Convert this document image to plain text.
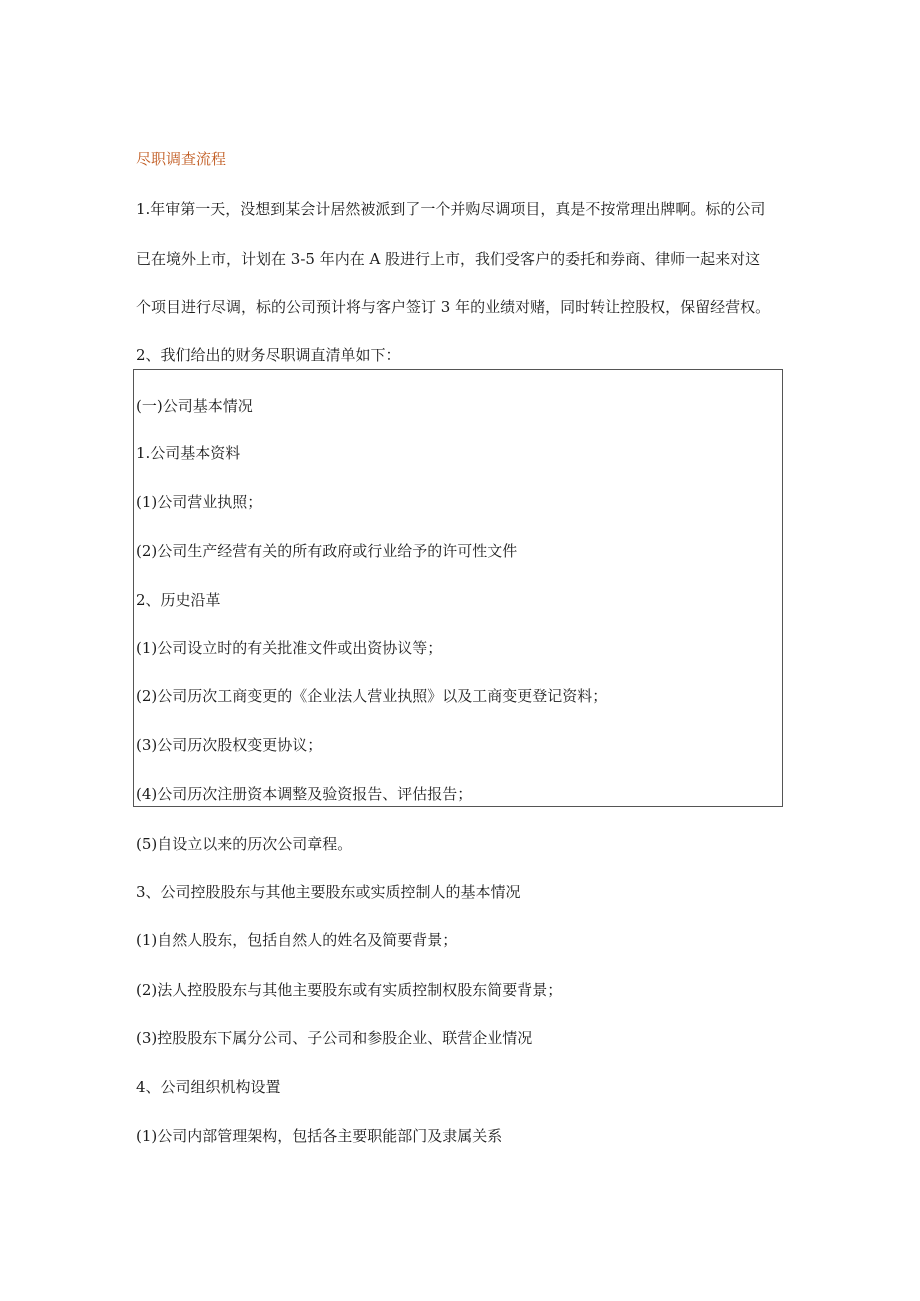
尽职调查流程
1.年审第一天，没想到某会计居然被派到了一个并购尽调项目，真是不按常理出牌啊。标的公司
已在境外上市，计划在 3-5 年内在 A 股进行上市，我们受客户的委托和券商、律师一起来对这
个项目进行尽调，标的公司预计将与客户签订 3 年的业绩对赌，同时转让控股权，保留经营权。
2、我们给出的财务尽职调直清单如下：
(一)公司基本情况
1.公司基本资料
(1)公司营业执照；
(2)公司生产经营有关的所有政府或行业给予的许可性文件
2、历史沿革
(1)公司设立时的有关批准文件或出资协议等；
(2)公司历次工商变更的《企业法人营业执照》以及工商变更登记资料；
(3)公司历次股权变更协议；
(4)公司历次注册资本调整及验资报告、评估报告；
(5)自设立以来的历次公司章程。
3、公司控股股东与其他主要股东或实质控制人的基本情况
(1)自然人股东，包括自然人的姓名及简要背景；
(2)法人控股股东与其他主要股东或有实质控制权股东简要背景；
(3)控股股东下属分公司、子公司和参股企业、联营企业情况
4、公司组织机构设置
(1)公司内部管理架构，包括各主要职能部门及隶属关系
